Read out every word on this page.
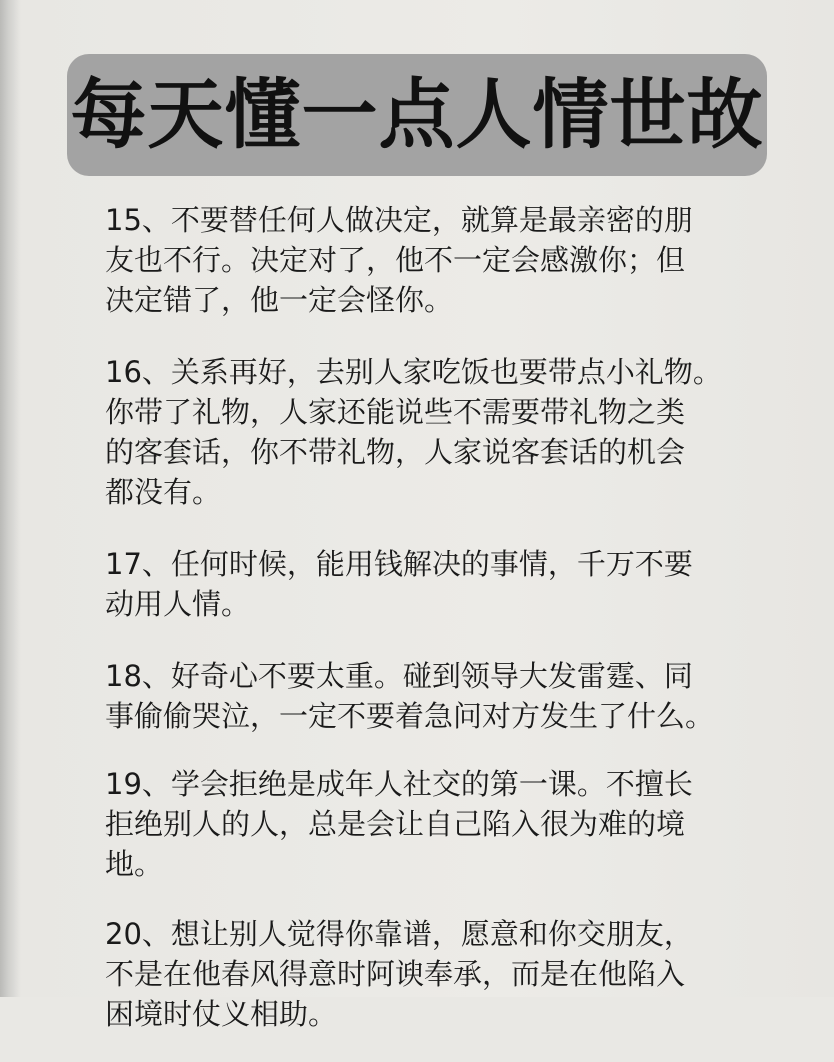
每天懂一点人情世故

15、不要替任何人做决定，就算是最亲密的朋
友也不行。决定对了，他不一定会感激你；但
决定错了，他一定会怪你。

16、关系再好，去别人家吃饭也要带点小礼物。
你带了礼物，人家还能说些不需要带礼物之类
的客套话，你不带礼物，人家说客套话的机会
都没有。

17、任何时候，能用钱解决的事情，千万不要
动用人情。

18、好奇心不要太重。碰到领导大发雷霆、同
事偷偷哭泣，一定不要着急问对方发生了什么。

19、学会拒绝是成年人社交的第一课。不擅长
拒绝别人的人，总是会让自己陷入很为难的境
地。

20、想让别人觉得你靠谱，愿意和你交朋友，
不是在他春风得意时阿谀奉承，而是在他陷入
困境时仗义相助。
